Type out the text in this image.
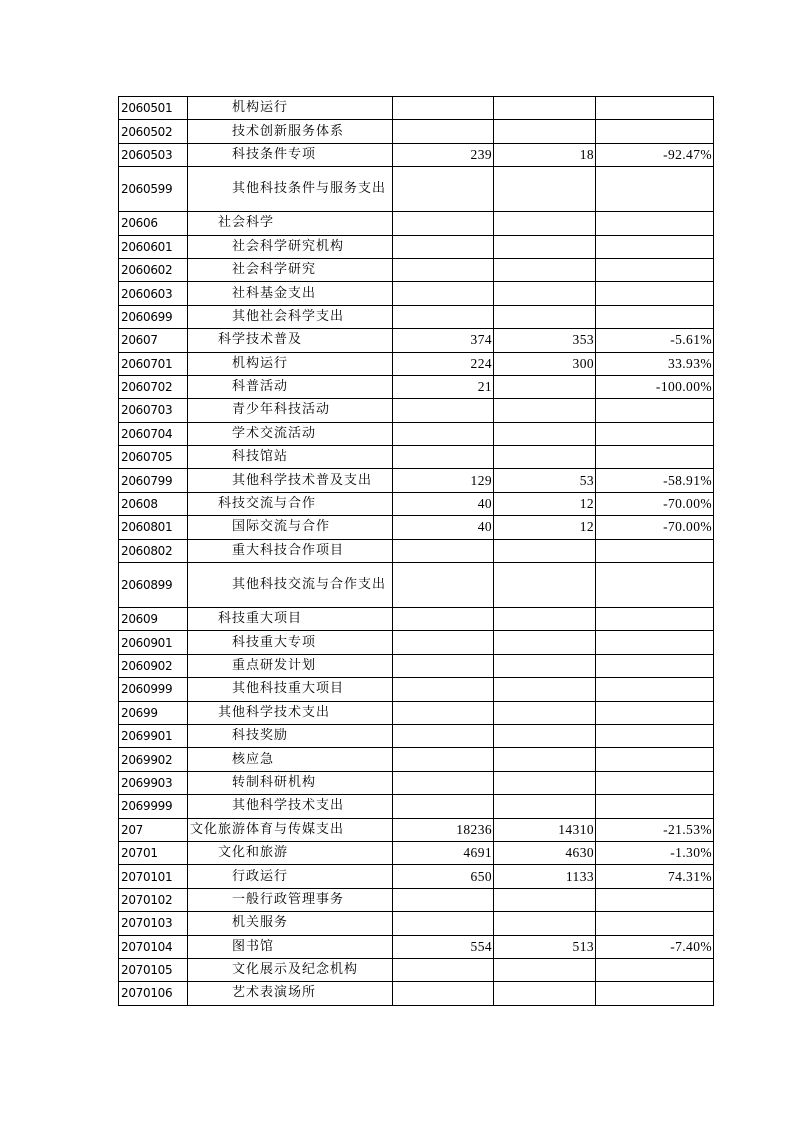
2060501	机构运行			
2060502	技术创新服务体系			
2060503	科技条件专项	239	18	-92.47%
2060599	其他科技条件与服务支出			
20606	社会科学			
2060601	社会科学研究机构			
2060602	社会科学研究			
2060603	社科基金支出			
2060699	其他社会科学支出			
20607	科学技术普及	374	353	-5.61%
2060701	机构运行	224	300	33.93%
2060702	科普活动	21		-100.00%
2060703	青少年科技活动			
2060704	学术交流活动			
2060705	科技馆站			
2060799	其他科学技术普及支出	129	53	-58.91%
20608	科技交流与合作	40	12	-70.00%
2060801	国际交流与合作	40	12	-70.00%
2060802	重大科技合作项目			
2060899	其他科技交流与合作支出			
20609	科技重大项目			
2060901	科技重大专项			
2060902	重点研发计划			
2060999	其他科技重大项目			
20699	其他科学技术支出			
2069901	科技奖励			
2069902	核应急			
2069903	转制科研机构			
2069999	其他科学技术支出			
207	文化旅游体育与传媒支出	18236	14310	-21.53%
20701	文化和旅游	4691	4630	-1.30%
2070101	行政运行	650	1133	74.31%
2070102	一般行政管理事务			
2070103	机关服务			
2070104	图书馆	554	513	-7.40%
2070105	文化展示及纪念机构			
2070106	艺术表演场所			
